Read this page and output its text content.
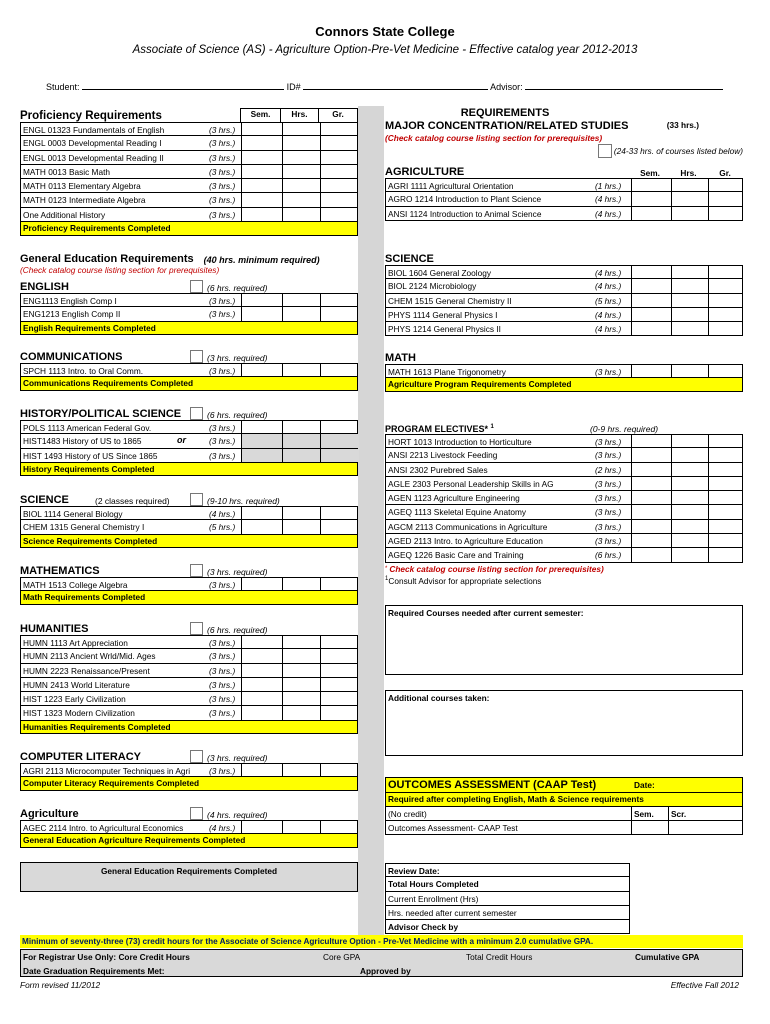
Connors State College
Associate of Science (AS) - Agriculture Option-Pre-Vet Medicine - Effective catalog year 2012-2013
Student:	ID#	Advisor:
Proficiency Requirements	Sem.	Hrs.	Gr.
ENGL 01323 Fundamentals of English	(3 hrs.)
ENGL 0003 Developmental Reading I	(3 hrs.)
ENGL 0013 Developmental Reading II	(3 hrs.)
MATH 0013 Basic Math	(3 hrs.)
MATH 0113 Elementary Algebra	(3 hrs.)
MATH 0123 Intermediate Algebra	(3 hrs.)
One Additional History	(3 hrs.)
Proficiency Requirements Completed
General Education Requirements (40 hrs. minimum required)
(Check catalog course listing section for prerequisites)
ENGLISH	(6 hrs. required)
ENG1113 English Comp I	(3 hrs.)
ENG1213 English Comp II	(3 hrs.)
English Requirements Completed
COMMUNICATIONS	(3 hrs. required)
SPCH 1113 Intro. to Oral Comm.	(3 hrs.)
Communications Requirements Completed
HISTORY/POLITICAL SCIENCE	(6 hrs. required)
POLS 1113 American Federal Gov.	(3 hrs.)
HIST1483 History of US to 1865	(3 hrs.)
HIST 1493 History of US Since 1865	(3 hrs.)
or
History Requirements Completed
SCIENCE	(2 classes required)	(9-10 hrs. required)
BIOL 1114 General Biology	(4 hrs.)
CHEM 1315 General Chemistry I	(5 hrs.)
Science Requirements Completed
MATHEMATICS	(3 hrs. required)
MATH 1513 College Algebra	(3 hrs.)
Math Requirements Completed
HUMANITIES	(6 hrs. required)
HUMN 1113 Art Appreciation	(3 hrs.)
HUMN 2113 Ancient Wrld/Mid. Ages	(3 hrs.)
HUMN 2223 Renaissance/Present	(3 hrs.)
HUMN 2413 World Literature	(3 hrs.)
HIST 1223 Early Civilization	(3 hrs.)
HIST 1323 Modern Civilization	(3 hrs.)
Humanities Requirements Completed
COMPUTER LITERACY	(3 hrs. required)
AGRI 2113 Microcomputer Techniques in Agri	(3 hrs.)
Computer Literacy Requirements Completed
Agriculture	(4 hrs. required)
AGEC 2114 Intro. to Agricultural Economics	(4 hrs.)
General Education Agriculture Requirements Completed
General Education Requirements Completed
REQUIREMENTS
MAJOR CONCENTRATION/RELATED STUDIES	(33 hrs.)
(Check catalog course listing section for prerequisites)
(24-33 hrs. of courses listed below)
AGRICULTURE	Sem.	Hrs.	Gr.
AGRI 1111 Agricultural Orientation	(1 hrs.)
AGRO 1214 Introduction to Plant Science	(4 hrs.)
ANSI 1124 Introduction to Animal Science	(4 hrs.)
SCIENCE
BIOL 1604 General Zoology	(4 hrs.)
BIOL 2124 Microbiology	(4 hrs.)
CHEM 1515 General Chemistry II	(5 hrs.)
PHYS 1114 General Physics I	(4 hrs.)
PHYS 1214 General Physics II	(4 hrs.)
MATH
MATH 1613 Plane Trigonometry	(3 hrs.)
Agriculture Program Requirements Completed
PROGRAM ELECTIVES* $^1$	(0-9 hrs. required)
HORT 1013 Introduction to Horticulture	(3 hrs.)
ANSI 2213 Livestock Feeding	(3 hrs.)
ANSI 2302 Purebred Sales	(2 hrs.)
AGLE 2303 Personal Leadership Skills in AG	(3 hrs.)
AGEN 1123 Agriculture Engineering	(3 hrs.)
AGEQ 1113 Skeletal Equine Anatomy	(3 hrs.)
AGCM 2113 Communications in Agriculture	(3 hrs.)
AGED 2113 Intro. to Agriculture Education	(3 hrs.)
AGEQ 1226 Basic Care and Training	(6 hrs.)
* Check catalog course listing section for prerequisites)
$^1$Consult Advisor for appropriate selections
Required Courses needed after current semester:
Additional courses taken:
OUTCOMES ASSESSMENT (CAAP Test)	Date:
Required after completing English, Math & Science requirements
(No credit)	Sem.	Scr.
Outcomes Assessment- CAAP Test
Review Date:
Total Hours Completed
Current Enrollment (Hrs)
Hrs. needed after current semester
Advisor Check by
Minimum of seventy-three (73) credit hours for the Associate of Science Agriculture Option - Pre-Vet Medicine with a minimum 2.0 cumulative GPA.
For Registrar Use Only: Core Credit Hours	Core GPA	Total Credit Hours	Cumulative GPA
Date Graduation Requirements Met:	Approved by
Form revised 11/2012	Effective Fall 2012
